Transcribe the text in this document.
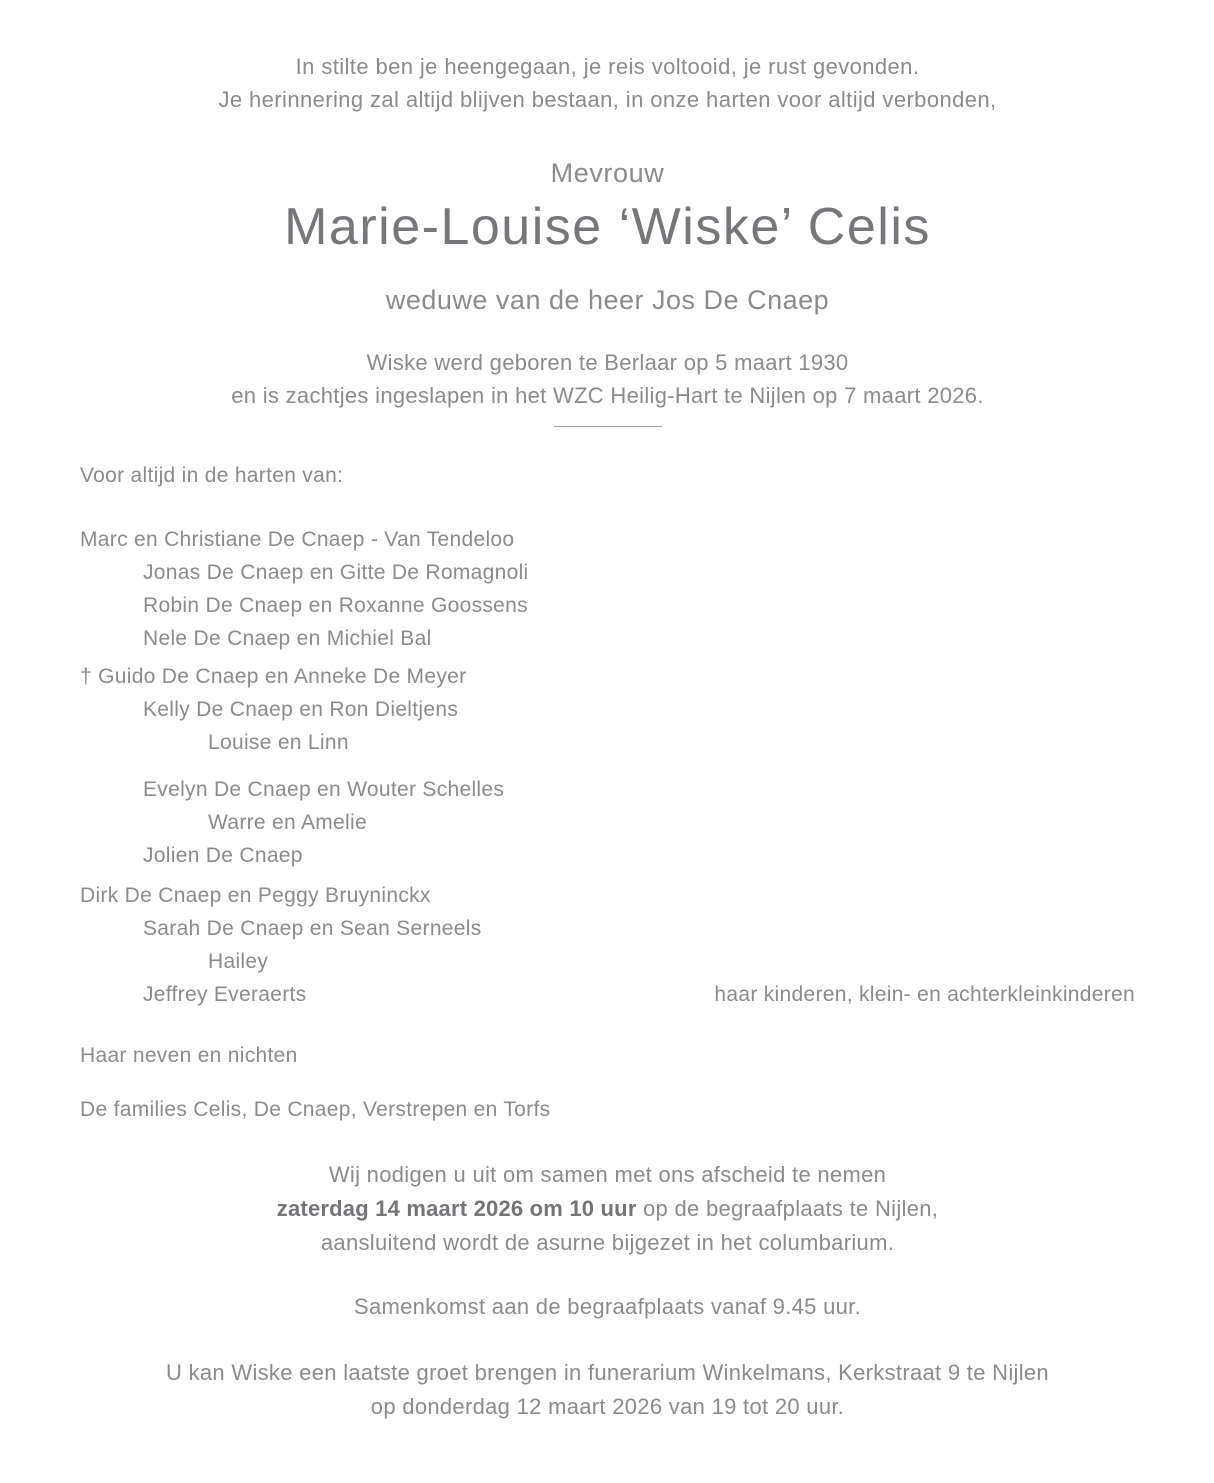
In stilte ben je heengegaan, je reis voltooid, je rust gevonden.
Je herinnering zal altijd blijven bestaan, in onze harten voor altijd verbonden,
Mevrouw
Marie-Louise ‘Wiske’ Celis
weduwe van de heer Jos De Cnaep
Wiske werd geboren te Berlaar op 5 maart 1930
en is zachtjes ingeslapen in het WZC Heilig-Hart te Nijlen op 7 maart 2026.
Voor altijd in de harten van:
Marc en Christiane De Cnaep - Van Tendeloo
Jonas De Cnaep en Gitte De Romagnoli
Robin De Cnaep en Roxanne Goossens
Nele De Cnaep en Michiel Bal
† Guido De Cnaep en Anneke De Meyer
Kelly De Cnaep en Ron Dieltjens
Louise en Linn
Evelyn De Cnaep en Wouter Schelles
Warre en Amelie
Jolien De Cnaep
Dirk De Cnaep en Peggy Bruyninckx
Sarah De Cnaep en Sean Serneels
Hailey
Jeffrey Everaerts	haar kinderen, klein- en achterkleinkinderen
Haar neven en nichten
De families Celis, De Cnaep, Verstrepen en Torfs
Wij nodigen u uit om samen met ons afscheid te nemen
zaterdag 14 maart 2026 om 10 uur op de begraafplaats te Nijlen,
aansluitend wordt de asurne bijgezet in het columbarium.
Samenkomst aan de begraafplaats vanaf 9.45 uur.
U kan Wiske een laatste groet brengen in funerarium Winkelmans, Kerkstraat 9 te Nijlen
op donderdag 12 maart 2026 van 19 tot 20 uur.
